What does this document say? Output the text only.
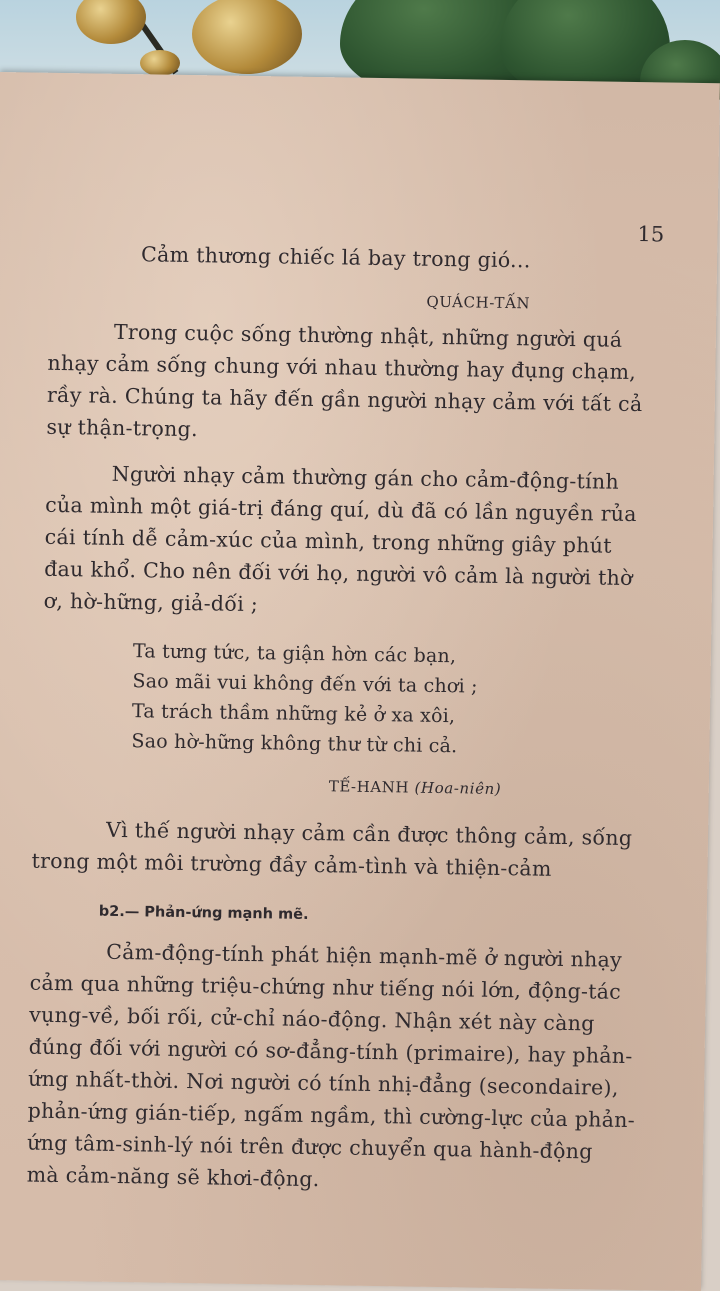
15
Cảm thương chiếc lá bay trong gió...
QUÁCH-TẤN
Trong cuộc sống thường nhật, những người quá
nhạy cảm sống chung với nhau thường hay đụng chạm,
rầy rà. Chúng ta hãy đến gần người nhạy cảm với tất cả
sự thận-trọng.
Người nhạy cảm thường gán cho cảm-động-tính
của mình một giá-trị đáng quí, dù đã có lần nguyền rủa
cái tính dễ cảm-xúc của mình, trong những giây phút
đau khổ. Cho nên đối với họ, người vô cảm là người thờ
ơ, hờ-hững, giả-dối ;
Ta tưng tức, ta giận hờn các bạn,
Sao mãi vui không đến với ta chơi ;
Ta trách thầm những kẻ ở xa xôi,
Sao hờ-hững không thư từ chi cả.
TẾ-HANH (Hoa-niên)
Vì thế người nhạy cảm cần được thông cảm, sống
trong một môi trường đầy cảm-tình và thiện-cảm
b2.— Phản-ứng mạnh mẽ.
Cảm-động-tính phát hiện mạnh-mẽ ở người nhạy
cảm qua những triệu-chứng như tiếng nói lớn, động-tác
vụng-về, bối rối, cử-chỉ náo-động. Nhận xét này càng
đúng đối với người có sơ-đẳng-tính (primaire), hay phản-
ứng nhất-thời. Nơi người có tính nhị-đẳng (secondaire),
phản-ứng gián-tiếp, ngấm ngầm, thì cường-lực của phản-
ứng tâm-sinh-lý nói trên được chuyển qua hành-động
mà cảm-năng sẽ khơi-động.
